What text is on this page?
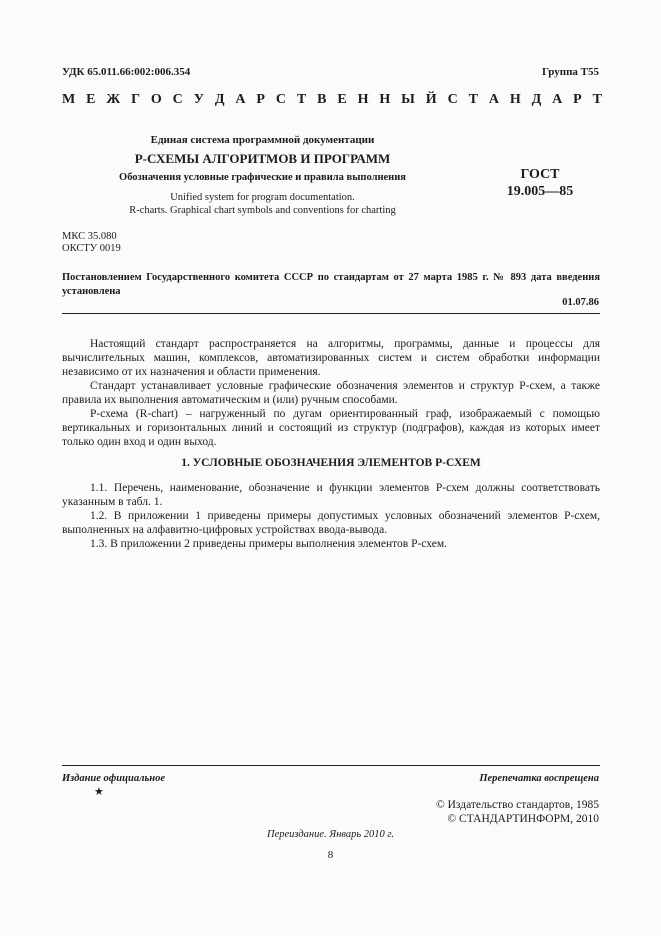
УДК 65.011.66:002:006.354	Группа Т55
М Е Ж Г О С У Д А Р С Т В Е Н Н Ы Й С Т А Н Д А Р Т
Единая система программной документации
Р-СХЕМЫ АЛГОРИТМОВ И ПРОГРАММ
Обозначения условные графические и правила выполнения
Unified system for program documentation.
R-charts. Graphical chart symbols and conventions for charting
ГОСТ
19.005—85
МКС 35.080
ОКСТУ 0019
Постановлением Государственного комитета СССР по стандартам от 27 марта 1985 г. № 893 дата введения установлена
01.07.86

Настоящий стандарт распространяется на алгоритмы, программы, данные и процессы для вычислительных машин, комплексов, автоматизированных систем и систем обработки информации независимо от их назначения и области применения.

Стандарт устанавливает условные графические обозначения элементов и структур Р-схем, а также правила их выполнения автоматическим и (или) ручным способами.

Р-схема (R-chart) – нагруженный по дугам ориентированный граф, изображаемый с помощью вертикальных и горизонтальных линий и состоящий из структур (подграфов), каждая из которых имеет только один вход и один выход.

1. УСЛОВНЫЕ ОБОЗНАЧЕНИЯ ЭЛЕМЕНТОВ Р-СХЕМ

1.1. Перечень, наименование, обозначение и функции элементов Р-схем должны соответствовать указанным в табл. 1.

1.2. В приложении 1 приведены примеры допустимых условных обозначений элементов Р-схем, выполненных на алфавитно-цифровых устройствах ввода-вывода.

1.3. В приложении 2 приведены примеры выполнения элементов Р-схем.

Издание официальное
★
Перепечатка воспрещена
© Издательство стандартов, 1985
© СТАНДАРТИНФОРМ, 2010
Переиздание. Январь 2010 г.
8
